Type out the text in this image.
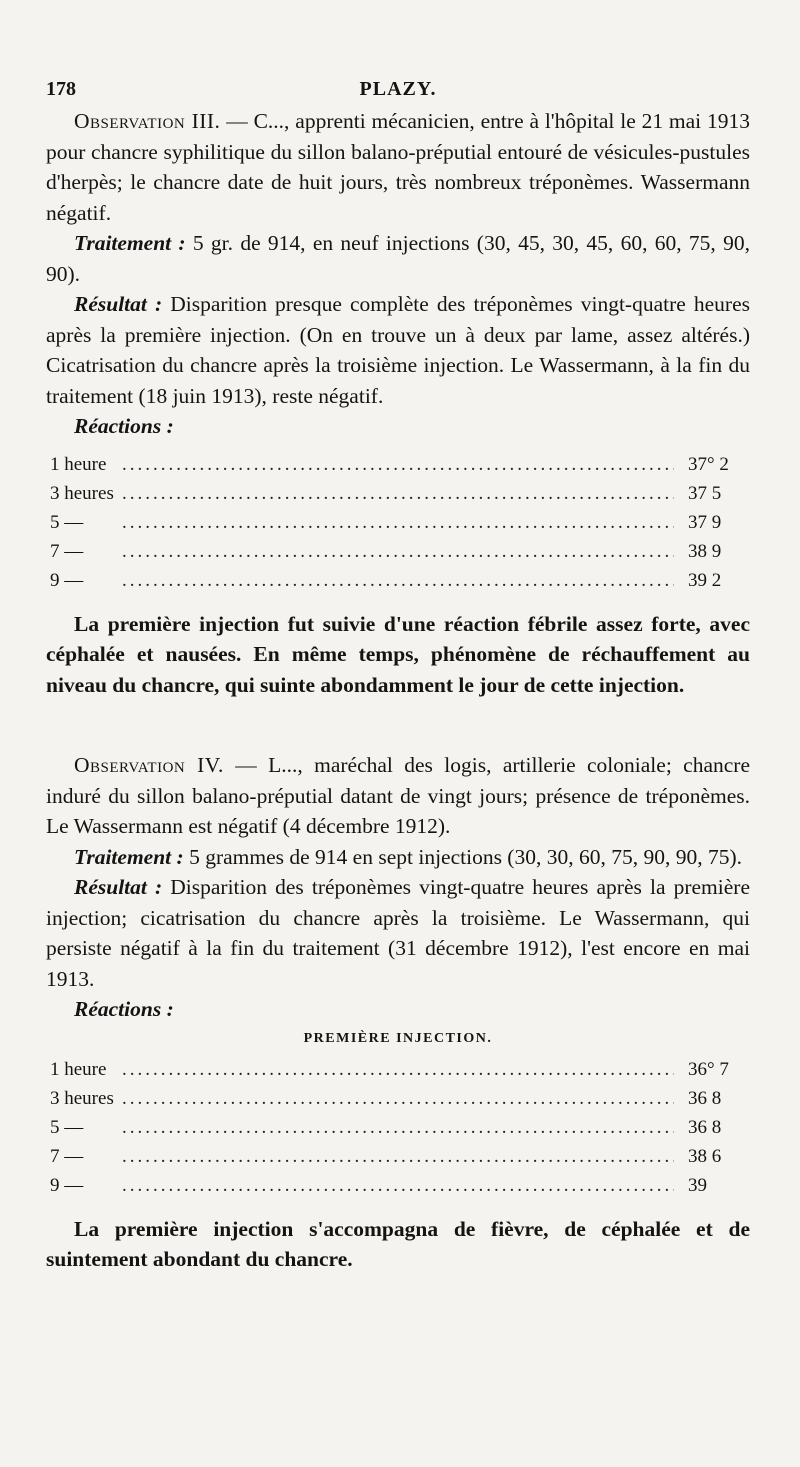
178	PLAZY.

Observation III. — C..., apprenti mécanicien, entre à l'hôpital le 21 mai 1913 pour chancre syphilitique du sillon balano-préputial entouré de vésicules-pustules d'herpès; le chancre date de huit jours, très nombreux tréponèmes. Wassermann négatif.

Traitement : 5 gr. de 914, en neuf injections (30, 45, 30, 45, 60, 60, 75, 90, 90).

Résultat : Disparition presque complète des tréponèmes vingt-quatre heures après la première injection. (On en trouve un à deux par lame, assez altérés.) Cicatrisation du chancre après la troisième injection. Le Wassermann, à la fin du traitement (18 juin 1913), reste négatif.

Réactions :

1 heure .....	37° 2
3 heures .....	37 5
5 — .....	37 9
7 — .....	38 9
9 — .....	39 2

La première injection fut suivie d'une réaction fébrile assez forte, avec céphalée et nausées. En même temps, phénomène de réchauffement au niveau du chancre, qui suinte abondamment le jour de cette injection.

Observation IV. — L..., maréchal des logis, artillerie coloniale; chancre induré du sillon balano-préputial datant de vingt jours; présence de tréponèmes. Le Wassermann est négatif (4 décembre 1912).

Traitement : 5 grammes de 914 en sept injections (30, 30, 60, 75, 90, 90, 75).

Résultat : Disparition des tréponèmes vingt-quatre heures après la première injection; cicatrisation du chancre après la troisième. Le Wassermann, qui persiste négatif à la fin du traitement (31 décembre 1912), l'est encore en mai 1913.

Réactions :

PREMIÈRE INJECTION.
1 heure .....	36° 7
3 heures .....	36 8
5 — .....	36 8
7 — .....	38 6
9 — .....	39

La première injection s'accompagna de fièvre, de céphalée et de suintement abondant du chancre.
